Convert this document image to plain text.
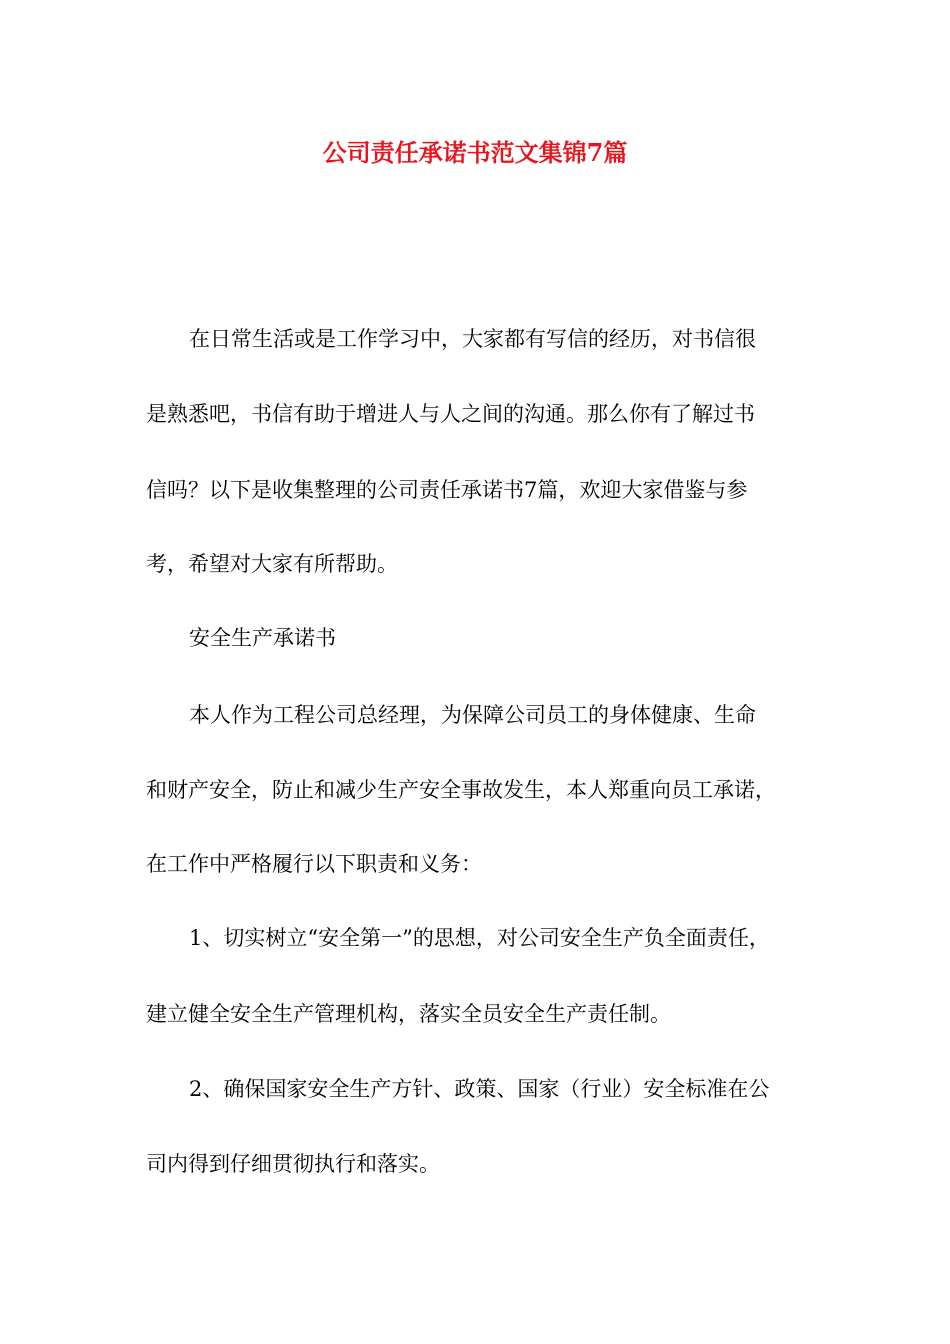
公司责任承诺书范文集锦7篇

在日常生活或是工作学习中，大家都有写信的经历，对书信很

是熟悉吧，书信有助于增进人与人之间的沟通。那么你有了解过书

信吗？以下是收集整理的公司责任承诺书7篇，欢迎大家借鉴与参

考，希望对大家有所帮助。

安全生产承诺书

本人作为工程公司总经理，为保障公司员工的身体健康、生命

和财产安全，防止和减少生产安全事故发生，本人郑重向员工承诺，

在工作中严格履行以下职责和义务：

1、切实树立“安全第一”的思想，对公司安全生产负全面责任，

建立健全安全生产管理机构，落实全员安全生产责任制。

2、确保国家安全生产方针、政策、国家（行业）安全标准在公

司内得到仔细贯彻执行和落实。
